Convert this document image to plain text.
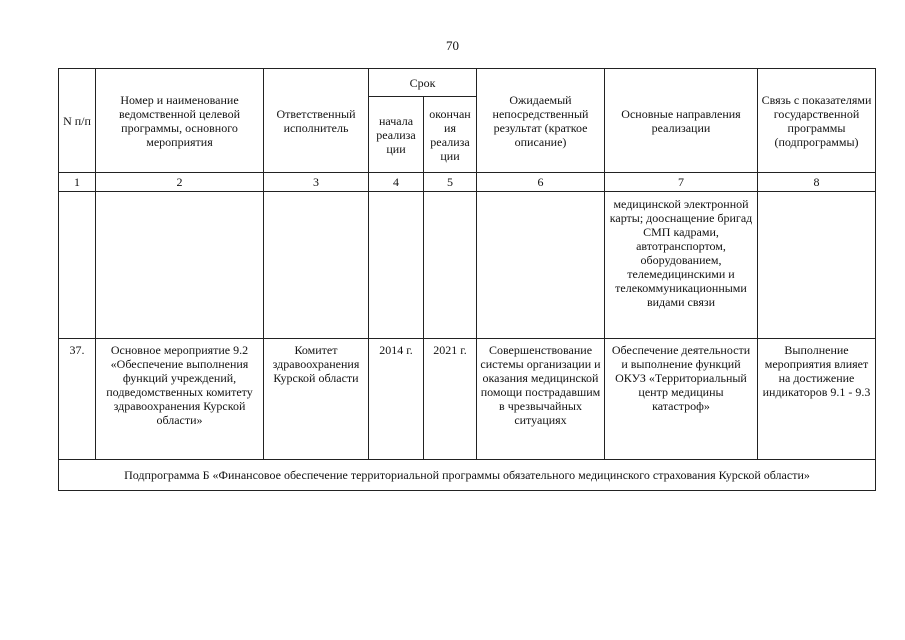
70
N п/п	Номер и наименование ведомственной целевой программы, основного мероприятия	Ответственный исполнитель	Срок		Ожидаемый непосредственный результат (краткое описание)	Основные направления реализации	Связь с показателями государственной программы (подпрограммы)
			начала реализа ции	окончан ия реализа ции			
1	2	3	4	5	6	7	8
						медицинской электронной карты; дооснащение бригад СМП кадрами, автотранспортом, оборудованием, телемедицинскими и телекоммуникационными видами связи	
37.	Основное мероприятие 9.2 «Обеспечение выполнения функций учреждений, подведомственных комитету здравоохранения Курской области»	Комитет здравоохранения Курской области	2014 г.	2021 г.	Совершенствование системы организации и оказания медицинской помощи пострадавшим в чрезвычайных ситуациях	Обеспечение деятельности и выполнение функций ОКУЗ «Территориальный центр медицины катастроф»	Выполнение мероприятия влияет на достижение индикаторов 9.1 - 9.3
Подпрограмма Б «Финансовое обеспечение территориальной программы обязательного медицинского страхования Курской области»							
